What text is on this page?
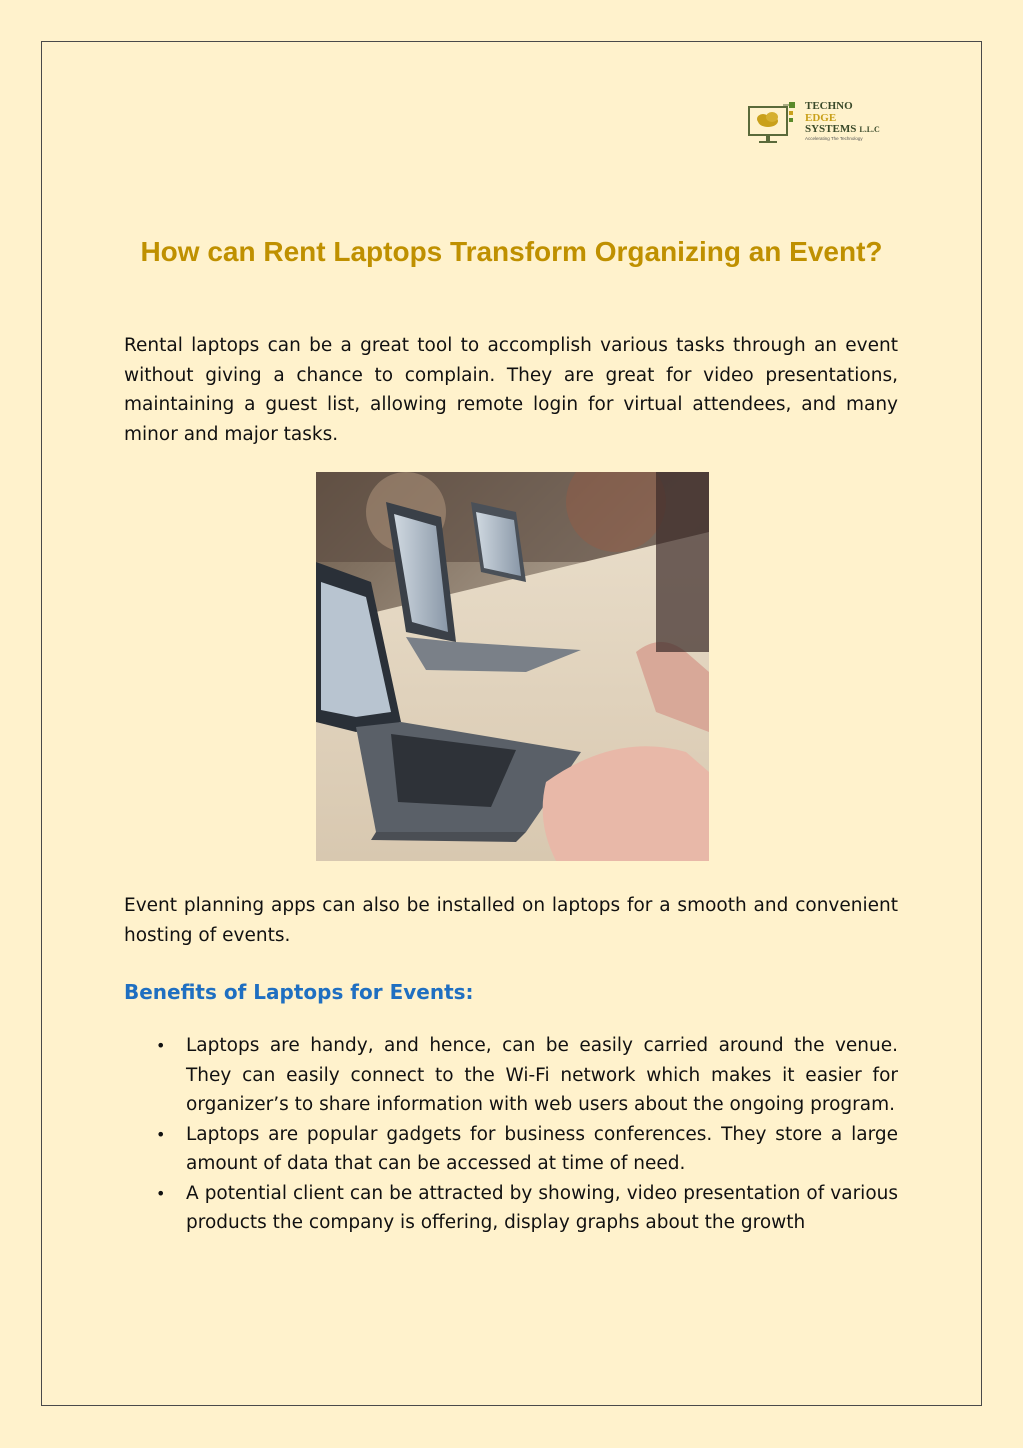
TECHNO
EDGE
SYSTEMS L.L.C
Accelerating The Technology
How can Rent Laptops Transform Organizing an Event?

Rental laptops can be a great tool to accomplish various tasks through an event without giving a chance to complain. They are great for video presentations, maintaining a guest list, allowing remote login for virtual attendees, and many minor and major tasks.

Event planning apps can also be installed on laptops for a smooth and convenient hosting of events.

Benefits of Laptops for Events:
• Laptops are handy, and hence, can be easily carried around the venue. They can easily connect to the Wi-Fi network which makes it easier for organizer’s to share information with web users about the ongoing program.
• Laptops are popular gadgets for business conferences. They store a large amount of data that can be accessed at time of need.
• A potential client can be attracted by showing, video presentation of various products the company is offering, display graphs about the growth
